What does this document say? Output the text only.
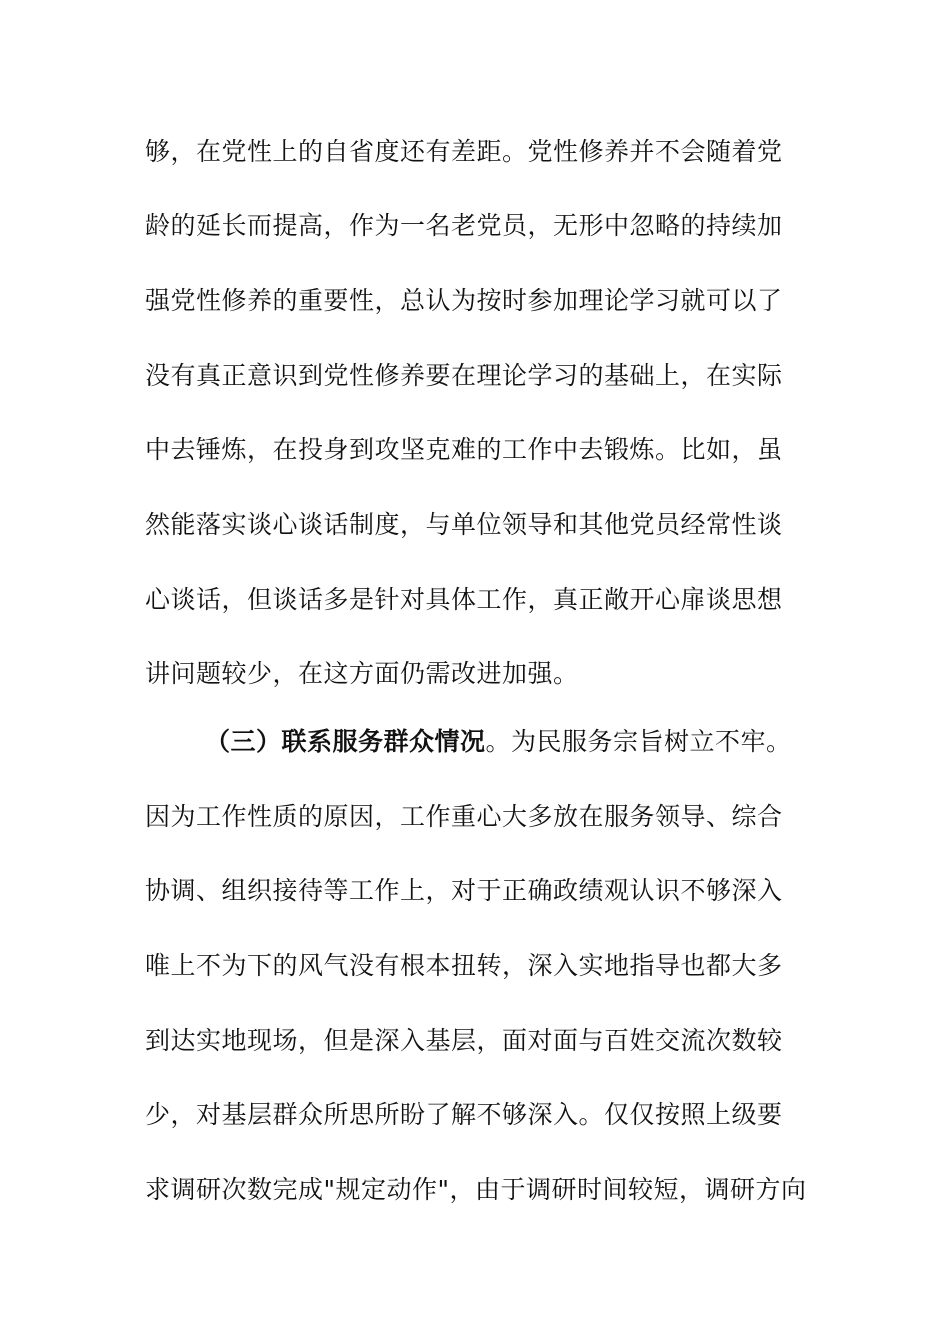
够，在党性上的自省度还有差距。党性修养并不会随着党
龄的延长而提高，作为一名老党员，无形中忽略的持续加
强党性修养的重要性，总认为按时参加理论学习就可以了
没有真正意识到党性修养要在理论学习的基础上，在实际
中去锤炼，在投身到攻坚克难的工作中去锻炼。比如，虽
然能落实谈心谈话制度，与单位领导和其他党员经常性谈
心谈话，但谈话多是针对具体工作，真正敞开心扉谈思想
讲问题较少，在这方面仍需改进加强。
（三）联系服务群众情况。为民服务宗旨树立不牢。
因为工作性质的原因，工作重心大多放在服务领导、综合
协调、组织接待等工作上，对于正确政绩观认识不够深入
唯上不为下的风气没有根本扭转，深入实地指导也都大多
到达实地现场，但是深入基层，面对面与百姓交流次数较
少，对基层群众所思所盼了解不够深入。仅仅按照上级要
求调研次数完成"规定动作"，由于调研时间较短，调研方向
